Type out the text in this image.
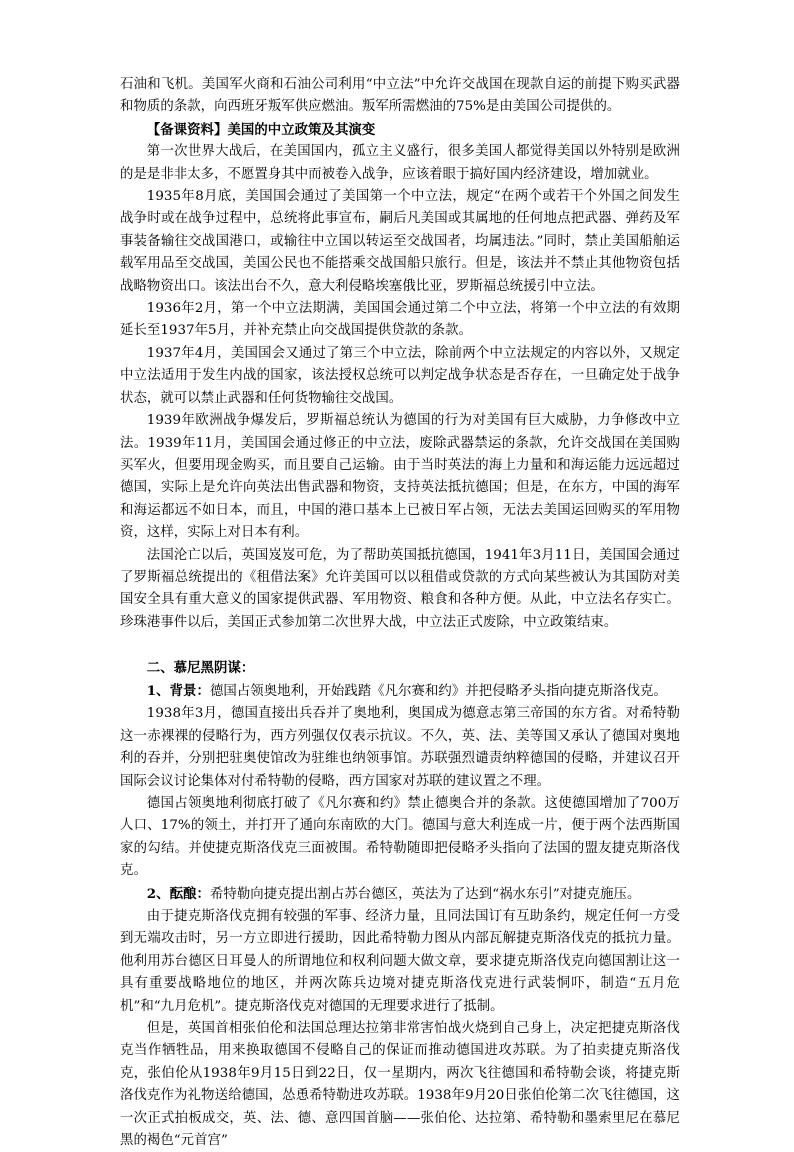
石油和飞机。美国军火商和石油公司利用“中立法”中允许交战国在现款自运的前提下购买武器和物质的条款，向西班牙叛军供应燃油。叛军所需燃油的75%是由美国公司提供的。

【备课资料】美国的中立政策及其演变

第一次世界大战后，在美国国内，孤立主义盛行，很多美国人都觉得美国以外特别是欧洲的是是非非太多，不愿置身其中而被卷入战争，应该着眼于搞好国内经济建设，增加就业。

1935年8月底，美国国会通过了美国第一个中立法，规定“在两个或若干个外国之间发生战争时或在战争过程中，总统将此事宣布，嗣后凡美国或其属地的任何地点把武器、弹药及军事装备输往交战国港口，或输往中立国以转运至交战国者，均属违法。”同时，禁止美国船舶运载军用品至交战国，美国公民也不能搭乘交战国船只旅行。但是，该法并不禁止其他物资包括战略物资出口。该法出台不久，意大利侵略埃塞俄比亚，罗斯福总统援引中立法。

1936年2月，第一个中立法期满，美国国会通过第二个中立法，将第一个中立法的有效期延长至1937年5月，并补充禁止向交战国提供贷款的条款。

1937年4月，美国国会又通过了第三个中立法，除前两个中立法规定的内容以外，又规定中立法适用于发生内战的国家，该法授权总统可以判定战争状态是否存在，一旦确定处于战争状态，就可以禁止武器和任何货物输往交战国。

1939年欧洲战争爆发后，罗斯福总统认为德国的行为对美国有巨大威胁，力争修改中立法。1939年11月，美国国会通过修正的中立法，废除武器禁运的条款，允许交战国在美国购买军火，但要用现金购买，而且要自己运输。由于当时英法的海上力量和和海运能力远远超过德国，实际上是允许向英法出售武器和物资，支持英法抵抗德国；但是，在东方，中国的海军和海运都远不如日本，而且，中国的港口基本上已被日军占领，无法去美国运回购买的军用物资，这样，实际上对日本有利。

法国沦亡以后，英国岌岌可危，为了帮助英国抵抗德国，1941年3月11日，美国国会通过了罗斯福总统提出的《租借法案》允许美国可以以租借或贷款的方式向某些被认为其国防对美国安全具有重大意义的国家提供武器、军用物资、粮食和各种方便。从此，中立法名存实亡。珍珠港事件以后，美国正式参加第二次世界大战，中立法正式废除，中立政策结束。

二、慕尼黑阴谋：

1、背景：德国占领奥地利，开始践踏《凡尔赛和约》并把侵略矛头指向捷克斯洛伐克。

1938年3月，德国直接出兵吞并了奥地利，奥国成为德意志第三帝国的东方省。对希特勒这一赤裸裸的侵略行为，西方列强仅仅表示抗议。不久，英、法、美等国又承认了德国对奥地利的吞并，分别把驻奥使馆改为驻维也纳领事馆。苏联强烈谴责纳粹德国的侵略，并建议召开国际会议讨论集体对付希特勒的侵略，西方国家对苏联的建议置之不理。

德国占领奥地利彻底打破了《凡尔赛和约》禁止德奥合并的条款。这使德国增加了700万人口、17%的领土，并打开了通向东南欧的大门。德国与意大利连成一片，便于两个法西斯国家的勾结。并使捷克斯洛伐克三面被围。希特勒随即把侵略矛头指向了法国的盟友捷克斯洛伐克。

2、酝酿：希特勒向捷克提出割占苏台德区，英法为了达到“祸水东引”对捷克施压。

由于捷克斯洛伐克拥有较强的军事、经济力量，且同法国订有互助条约，规定任何一方受到无端攻击时，另一方立即进行援助，因此希特勒力图从内部瓦解捷克斯洛伐克的抵抗力量。他利用苏台德区日耳曼人的所谓地位和权利问题大做文章，要求捷克斯洛伐克向德国割让这一具有重要战略地位的地区，并两次陈兵边境对捷克斯洛伐克进行武装恫吓，制造“五月危机”和“九月危机”。捷克斯洛伐克对德国的无理要求进行了抵制。

但是，英国首相张伯伦和法国总理达拉第非常害怕战火烧到自己身上，决定把捷克斯洛伐克当作牺牲品，用来换取德国不侵略自己的保证而推动德国进攻苏联。为了拍卖捷克斯洛伐克，张伯伦从1938年9月15日到22日，仅一星期内，两次飞往德国和希特勒会谈，将捷克斯洛伐克作为礼物送给德国，怂恿希特勒进攻苏联。1938年9月20日张伯伦第二次飞往德国，这一次正式拍板成交，英、法、德、意四国首脑——张伯伦、达拉第、希特勒和墨索里尼在慕尼黑的褐色“元首宫”
